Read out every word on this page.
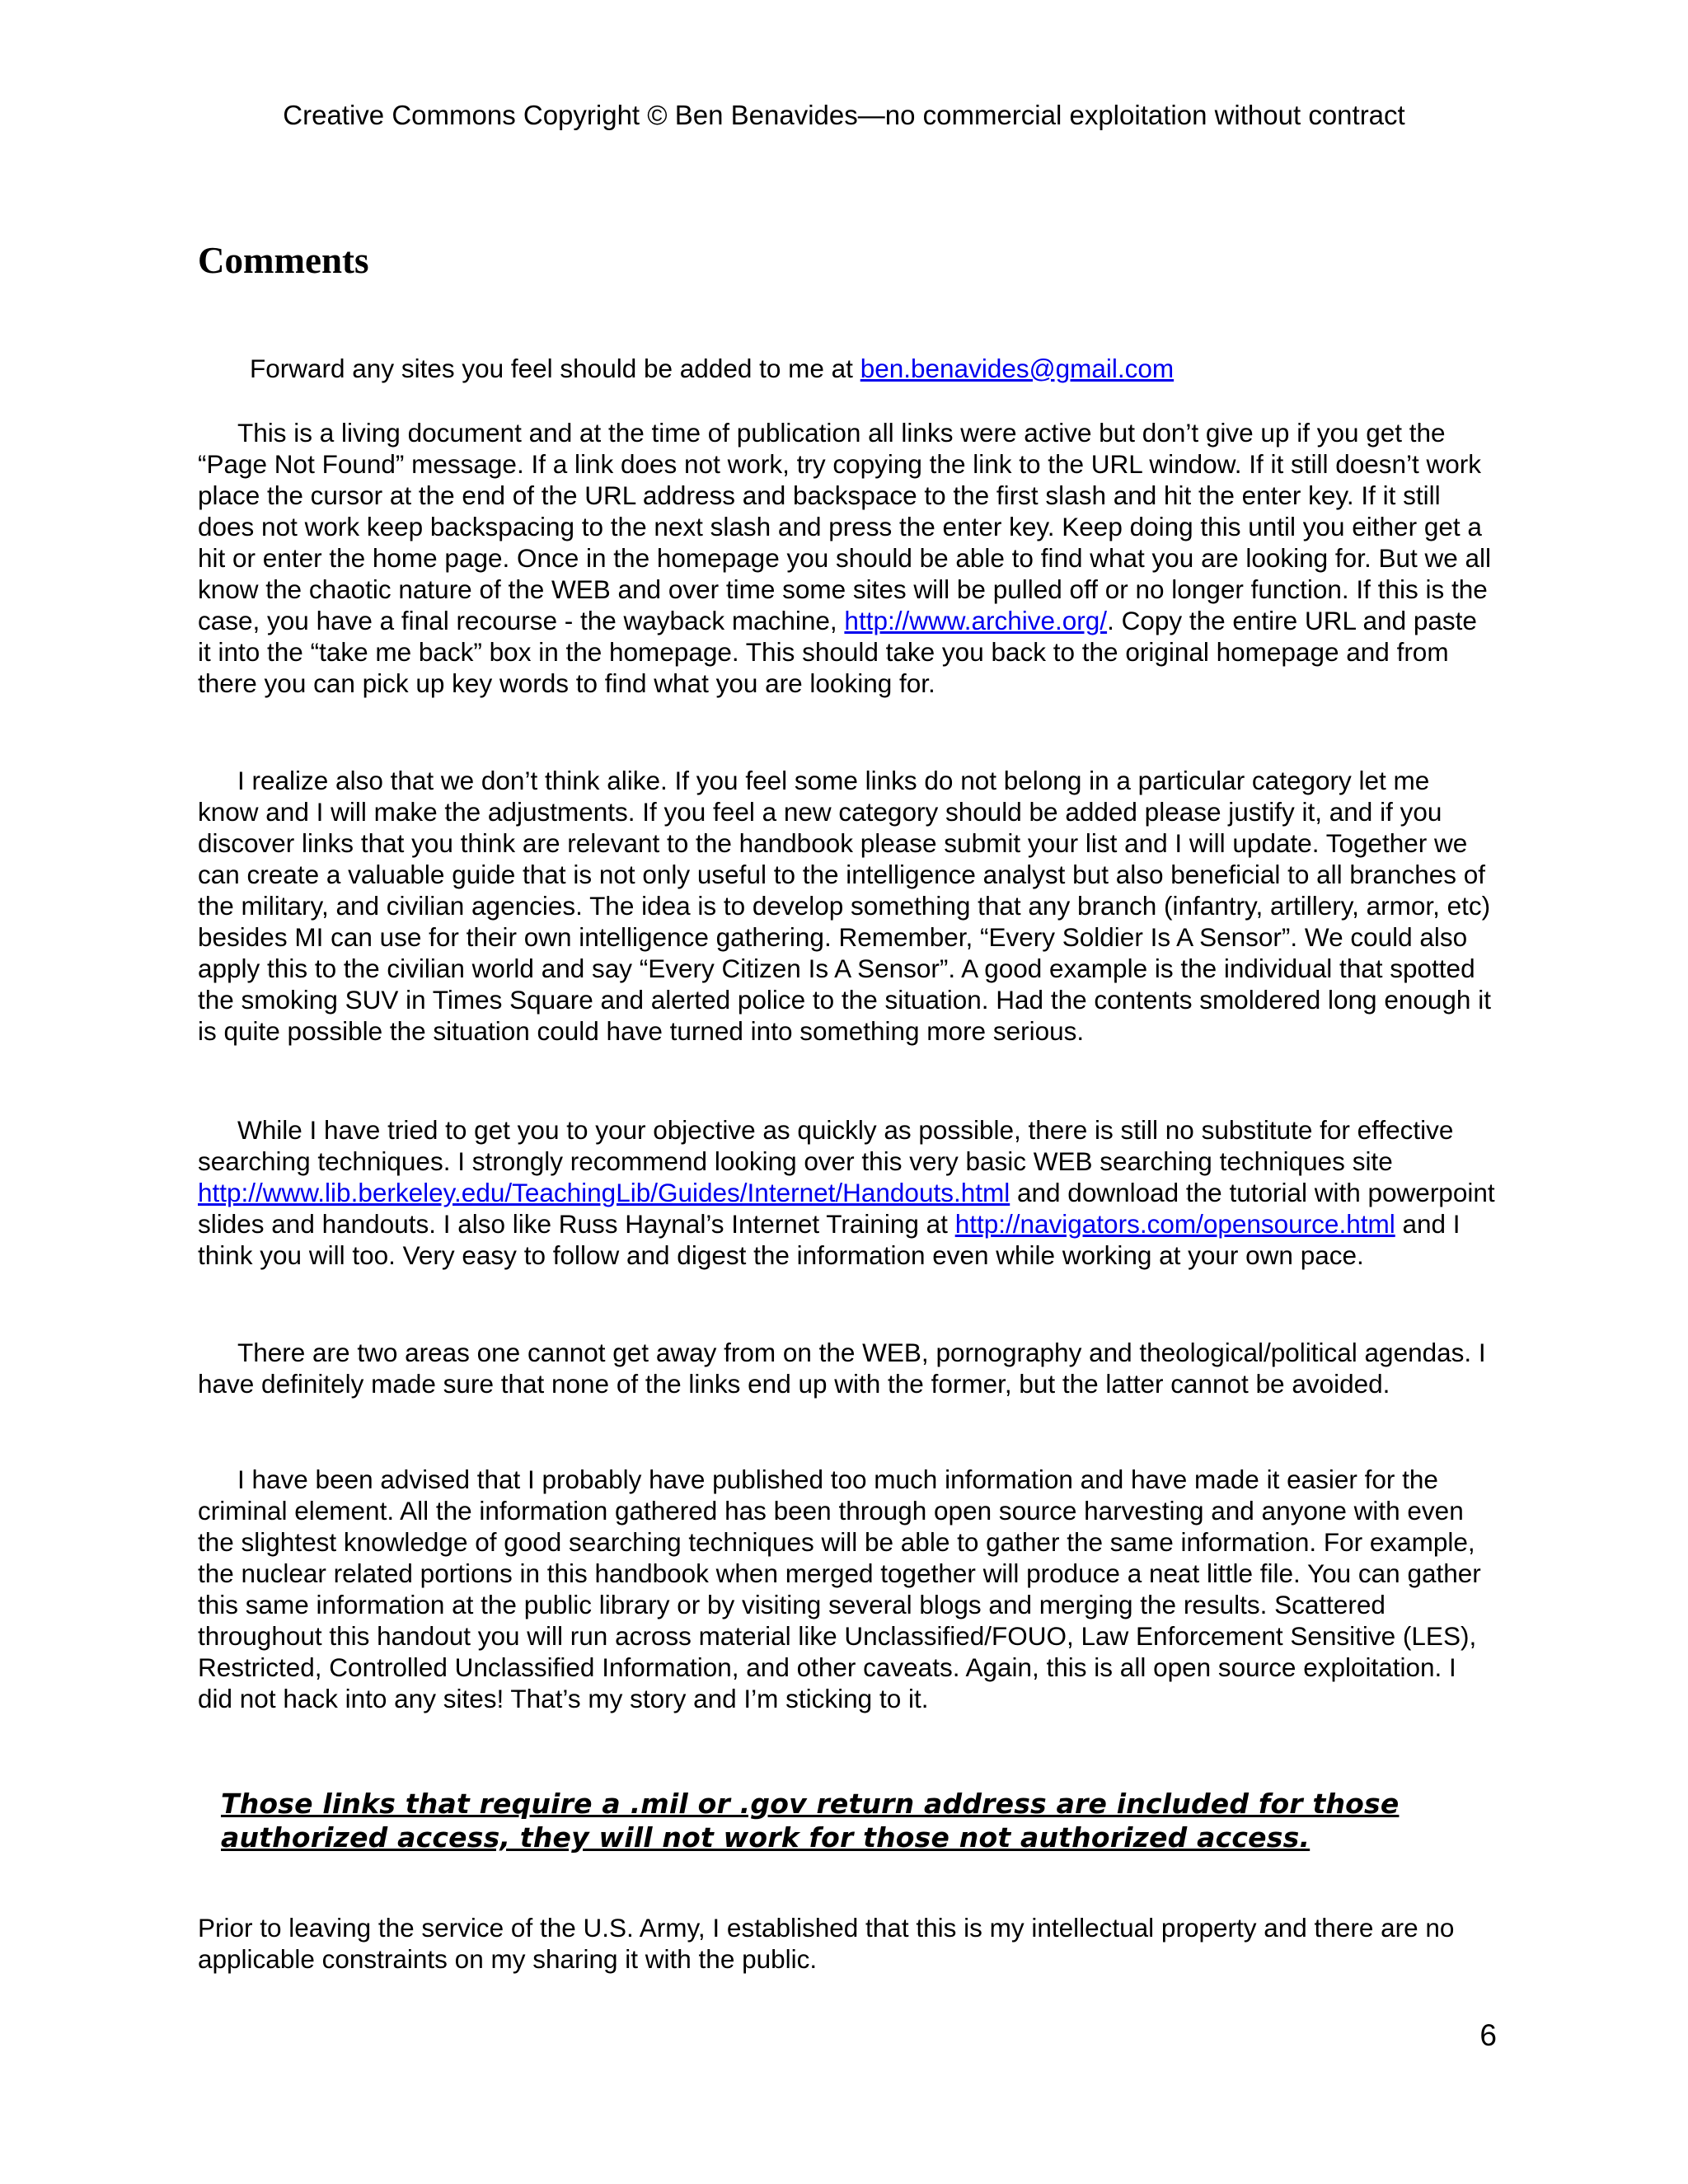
Creative Commons Copyright © Ben Benavides—no commercial exploitation without contract
Comments
Forward any sites you feel should be added to me at ben.benavides@gmail.com

This is a living document and at the time of publication all links were active but don’t give up if you get the “Page Not Found” message. If a link does not work, try copying the link to the URL window. If it still doesn’t work place the cursor at the end of the URL address and backspace to the first slash and hit the enter key. If it still does not work keep backspacing to the next slash and press the enter key. Keep doing this until you either get a hit or enter the home page. Once in the homepage you should be able to find what you are looking for. But we all know the chaotic nature of the WEB and over time some sites will be pulled off or no longer function. If this is the case, you have a final recourse - the wayback machine, http://www.archive.org/. Copy the entire URL and paste it into the “take me back” box in the homepage. This should take you back to the original homepage and from there you can pick up key words to find what you are looking for.

I realize also that we don’t think alike. If you feel some links do not belong in a particular category let me know and I will make the adjustments. If you feel a new category should be added please justify it, and if you discover links that you think are relevant to the handbook please submit your list and I will update. Together we can create a valuable guide that is not only useful to the intelligence analyst but also beneficial to all branches of the military, and civilian agencies. The idea is to develop something that any branch (infantry, artillery, armor, etc) besides MI can use for their own intelligence gathering. Remember, “Every Soldier Is A Sensor”. We could also apply this to the civilian world and say “Every Citizen Is A Sensor”. A good example is the individual that spotted the smoking SUV in Times Square and alerted police to the situation. Had the contents smoldered long enough it is quite possible the situation could have turned into something more serious.

While I have tried to get you to your objective as quickly as possible, there is still no substitute for effective searching techniques. I strongly recommend looking over this very basic WEB searching techniques site http://www.lib.berkeley.edu/TeachingLib/Guides/Internet/Handouts.html and download the tutorial with powerpoint slides and handouts. I also like Russ Haynal’s Internet Training at http://navigators.com/opensource.html and I think you will too. Very easy to follow and digest the information even while working at your own pace.

There are two areas one cannot get away from on the WEB, pornography and theological/political agendas. I have definitely made sure that none of the links end up with the former, but the latter cannot be avoided.

I have been advised that I probably have published too much information and have made it easier for the criminal element. All the information gathered has been through open source harvesting and anyone with even the slightest knowledge of good searching techniques will be able to gather the same information. For example, the nuclear related portions in this handbook when merged together will produce a neat little file. You can gather this same information at the public library or by visiting several blogs and merging the results. Scattered throughout this handout you will run across material like Unclassified/FOUO, Law Enforcement Sensitive (LES), Restricted, Controlled Unclassified Information, and other caveats. Again, this is all open source exploitation. I did not hack into any sites! That’s my story and I’m sticking to it.

Those links that require a .mil or .gov return address are included for those authorized access, they will not work for those not authorized access.

Prior to leaving the service of the U.S. Army, I established that this is my intellectual property and there are no applicable constraints on my sharing it with the public.

6
